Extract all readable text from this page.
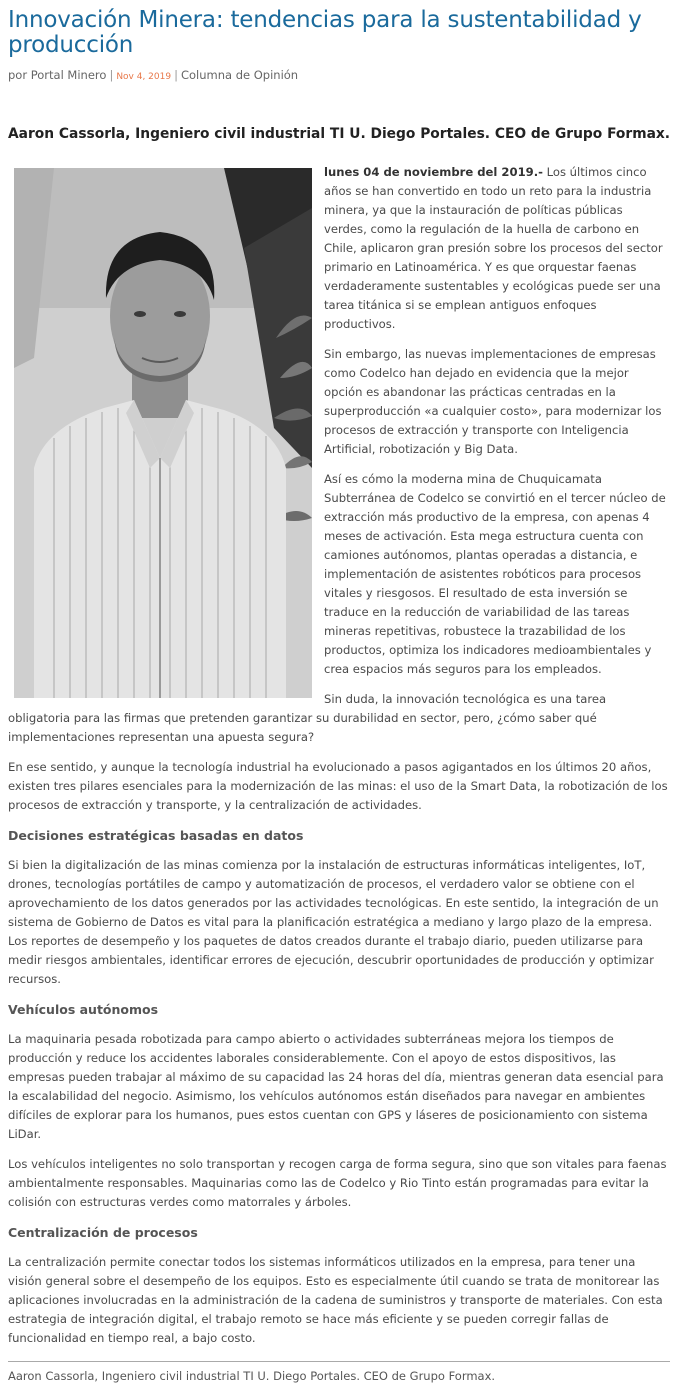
Innovación Minera: tendencias para la sustentabilidad y producción
por Portal Minero | Nov 4, 2019 | Columna de Opinión
Aaron Cassorla, Ingeniero civil industrial TI U. Diego Portales. CEO de Grupo Formax.

lunes 04 de noviembre del 2019.- Los últimos cinco años se han convertido en todo un reto para la industria minera, ya que la instauración de políticas públicas verdes, como la regulación de la huella de carbono en Chile, aplicaron gran presión sobre los procesos del sector primario en Latinoamérica. Y es que orquestar faenas verdaderamente sustentables y ecológicas puede ser una tarea titánica si se emplean antiguos enfoques productivos.

Sin embargo, las nuevas implementaciones de empresas como Codelco han dejado en evidencia que la mejor opción es abandonar las prácticas centradas en la superproducción «a cualquier costo», para modernizar los procesos de extracción y transporte con Inteligencia Artificial, robotización y Big Data.

Así es cómo la moderna mina de Chuquicamata Subterránea de Codelco se convirtió en el tercer núcleo de extracción más productivo de la empresa, con apenas 4 meses de activación. Esta mega estructura cuenta con camiones autónomos, plantas operadas a distancia, e implementación de asistentes robóticos para procesos vitales y riesgosos. El resultado de esta inversión se traduce en la reducción de variabilidad de las tareas mineras repetitivas, robustece la trazabilidad de los productos, optimiza los indicadores medioambientales y crea espacios más seguros para los empleados.

Sin duda, la innovación tecnológica es una tarea obligatoria para las firmas que pretenden garantizar su durabilidad en sector, pero, ¿cómo saber qué implementaciones representan una apuesta segura?

En ese sentido, y aunque la tecnología industrial ha evolucionado a pasos agigantados en los últimos 20 años, existen tres pilares esenciales para la modernización de las minas: el uso de la Smart Data, la robotización de los procesos de extracción y transporte, y la centralización de actividades.

Decisiones estratégicas basadas en datos

Si bien la digitalización de las minas comienza por la instalación de estructuras informáticas inteligentes, IoT, drones, tecnologías portátiles de campo y automatización de procesos, el verdadero valor se obtiene con el aprovechamiento de los datos generados por las actividades tecnológicas. En este sentido, la integración de un sistema de Gobierno de Datos es vital para la planificación estratégica a mediano y largo plazo de la empresa. Los reportes de desempeño y los paquetes de datos creados durante el trabajo diario, pueden utilizarse para medir riesgos ambientales, identificar errores de ejecución, descubrir oportunidades de producción y optimizar recursos.

Vehículos autónomos

La maquinaria pesada robotizada para campo abierto o actividades subterráneas mejora los tiempos de producción y reduce los accidentes laborales considerablemente. Con el apoyo de estos dispositivos, las empresas pueden trabajar al máximo de su capacidad las 24 horas del día, mientras generan data esencial para la escalabilidad del negocio. Asimismo, los vehículos autónomos están diseñados para navegar en ambientes difíciles de explorar para los humanos, pues estos cuentan con GPS y láseres de posicionamiento con sistema LiDar.

Los vehículos inteligentes no solo transportan y recogen carga de forma segura, sino que son vitales para faenas ambientalmente responsables. Maquinarias como las de Codelco y Rio Tinto están programadas para evitar la colisión con estructuras verdes como matorrales y árboles.

Centralización de procesos

La centralización permite conectar todos los sistemas informáticos utilizados en la empresa, para tener una visión general sobre el desempeño de los equipos. Esto es especialmente útil cuando se trata de monitorear las aplicaciones involucradas en la administración de la cadena de suministros y transporte de materiales. Con esta estrategia de integración digital, el trabajo remoto se hace más eficiente y se pueden corregir fallas de funcionalidad en tiempo real, a bajo costo.

Aaron Cassorla, Ingeniero civil industrial TI U. Diego Portales. CEO de Grupo Formax.
